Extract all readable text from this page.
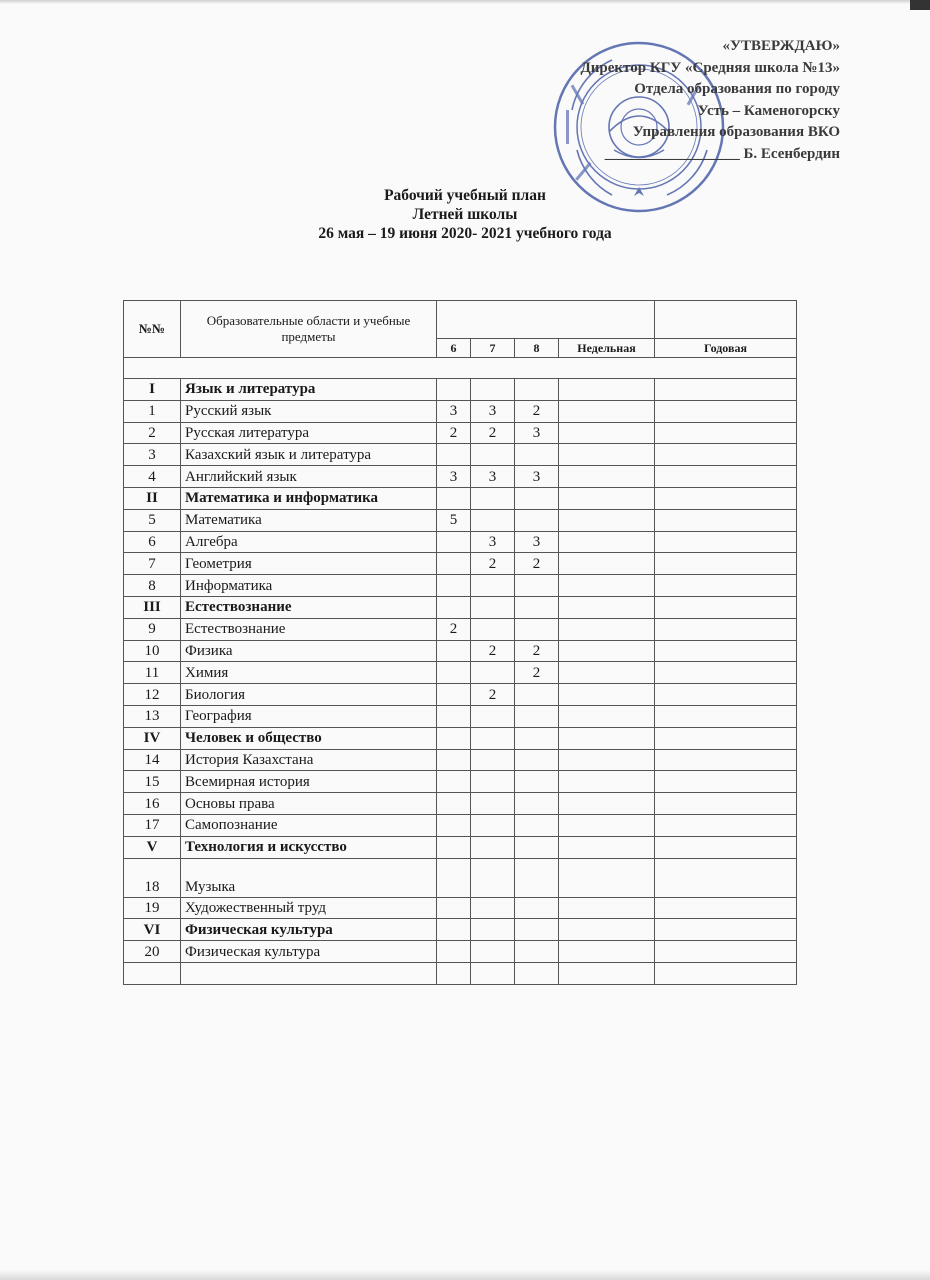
«УТВЕРЖДАЮ»
Директор КГУ «Средняя школа №13»
Отдела образования по городу
Усть – Каменогорску
Управления образования ВКО
__________________ Б. Есенбердин
Рабочий учебный план
Летней школы
26 мая – 19 июня 2020- 2021 учебного года
№№	Образовательные области и учебные предметы					
		6	7	8	Недельная	Годовая

I	Язык и литература					
1	Русский язык	3	3	2		
2	Русская литература	2	2	3		
3	Казахский язык и литература					
4	Английский язык	3	3	3		
II	Математика и информатика					
5	Математика	5				
6	Алгебра		3	3		
7	Геометрия		2	2		
8	Информатика					
III	Естествознание					
9	Естествознание	2				
10	Физика		2	2		
11	Химия			2		
12	Биология		2			
13	География					
IV	Человек и общество					
14	История Казахстана					
15	Всемирная история					
16	Основы права					
17	Самопознание					
V	Технология и искусство					
18	Музыка					
19	Художественный труд					
VI	Физическая культура					
20	Физическая культура					
